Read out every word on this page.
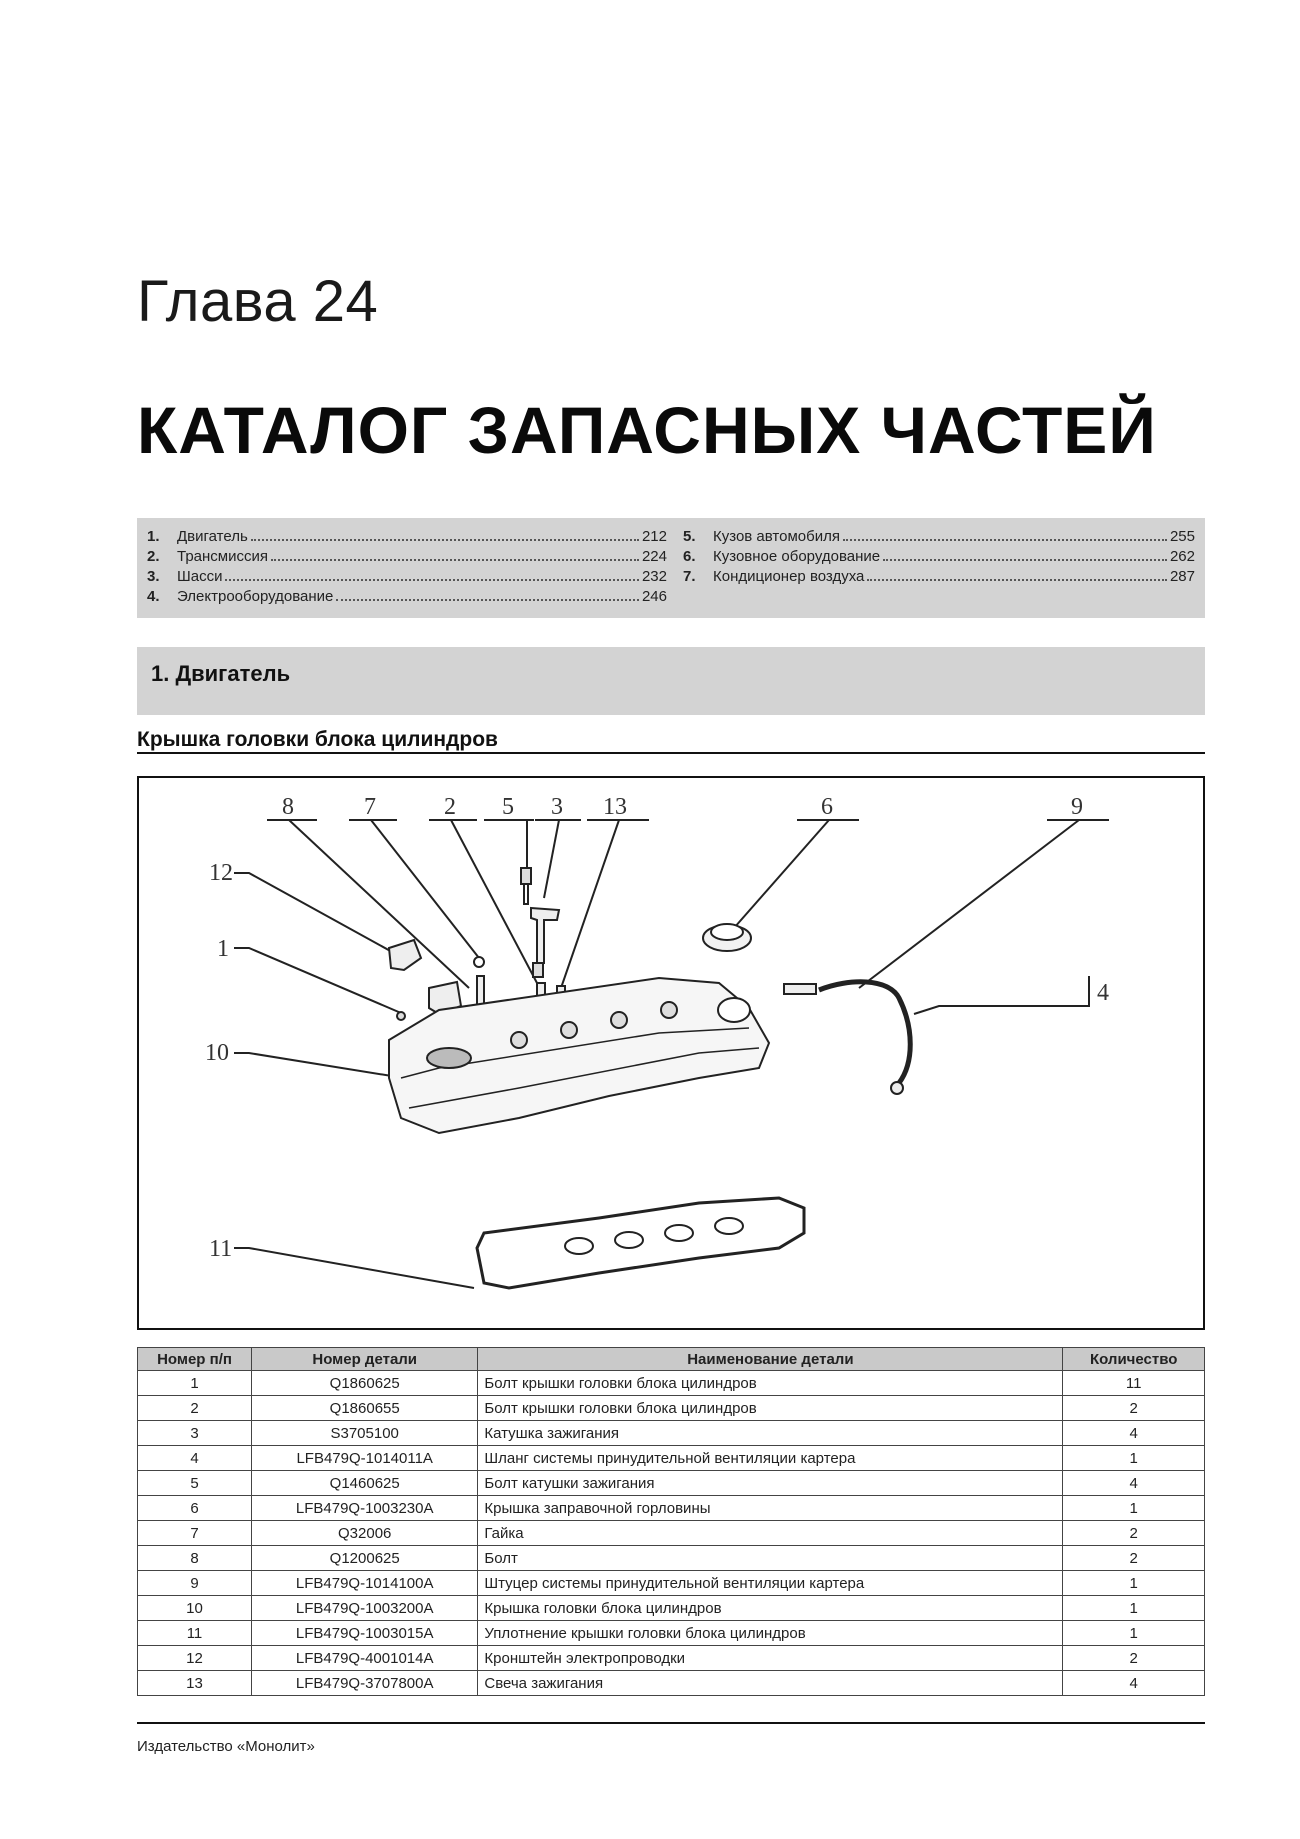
Глава 24
КАТАЛОГ ЗАПАСНЫХ ЧАСТЕЙ
1.	Двигатель	212
2.	Трансмиссия	224
3.	Шасси	232
4.	Электрооборудование	246
5.	Кузов автомобиля	255
6.	Кузовное оборудование	262
7.	Кондиционер воздуха	287
1. Двигатель
Крышка головки блока цилиндров
8	7	2 5 3 13	6	9
12
1
10
4
11
Номер п/п	Номер детали	Наименование детали	Количество
1	Q1860625	Болт крышки головки блока цилиндров	11
2	Q1860655	Болт крышки головки блока цилиндров	2
3	S3705100	Катушка зажигания	4
4	LFB479Q-1014011A	Шланг системы принудительной вентиляции картера	1
5	Q1460625	Болт катушки зажигания	4
6	LFB479Q-1003230A	Крышка заправочной горловины	1
7	Q32006	Гайка	2
8	Q1200625	Болт	2
9	LFB479Q-1014100A	Штуцер системы принудительной вентиляции картера	1
10	LFB479Q-1003200A	Крышка головки блока цилиндров	1
11	LFB479Q-1003015A	Уплотнение крышки головки блока цилиндров	1
12	LFB479Q-4001014A	Кронштейн электропроводки	2
13	LFB479Q-3707800A	Свеча зажигания	4
Издательство «Монолит»
